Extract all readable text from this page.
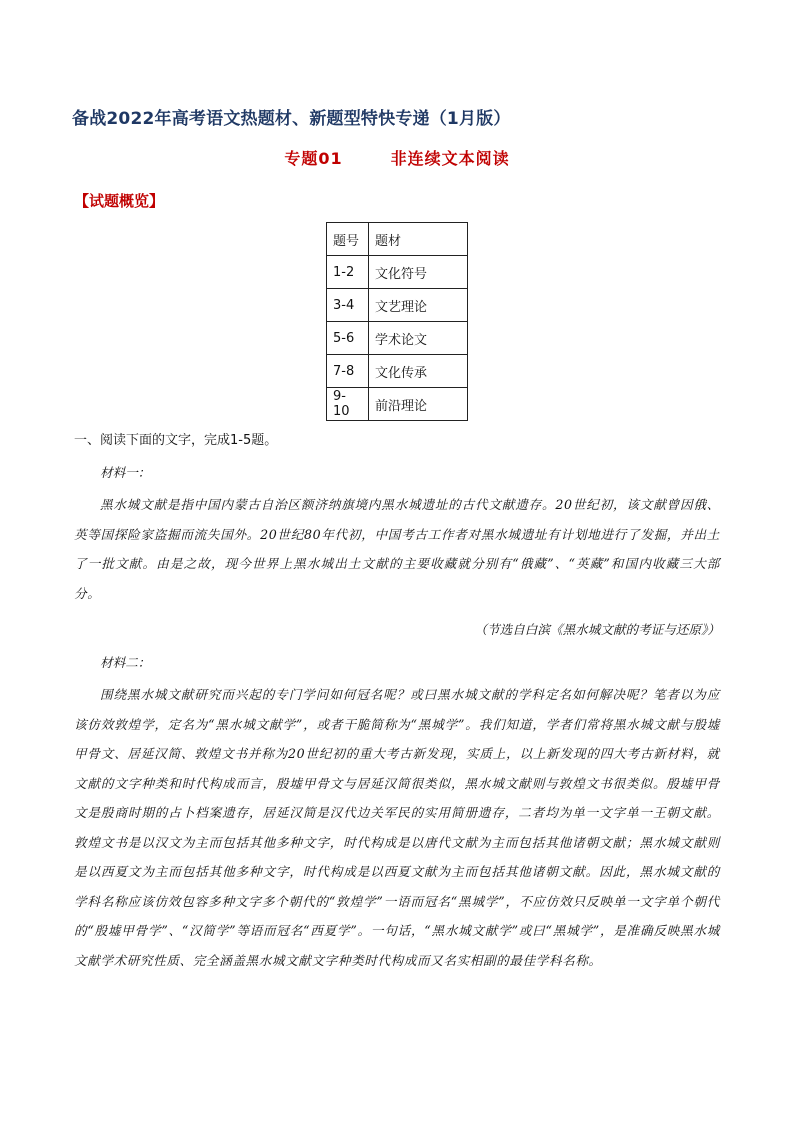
备战2022年高考语文热题材、新题型特快专递（1月版）
专题01	非连续文本阅读
【试题概览】
题号	题材
1-2	文化符号
3-4	文艺理论
5-6	学术论文
7-8	文化传承
9-10	前沿理论
一、阅读下面的文字，完成1-5题。
材料一：

黑水城文献是指中国内蒙古自治区额济纳旗境内黑水城遗址的古代文献遗存。20世纪初，该文献曾因俄、英等国探险家盗掘而流失国外。20世纪80年代初，中国考古工作者对黑水城遗址有计划地进行了发掘，并出土了一批文献。由是之故，现今世界上黑水城出土文献的主要收藏就分别有“俄藏”、“英藏”和国内收藏三大部分。

（节选自白滨《黑水城文献的考证与还原》）
材料二：

围绕黑水城文献研究而兴起的专门学问如何冠名呢？或曰黑水城文献的学科定名如何解决呢？笔者以为应该仿效敦煌学，定名为“黑水城文献学”，或者干脆简称为“黑城学”。我们知道，学者们常将黑水城文献与殷墟甲骨文、居延汉简、敦煌文书并称为20世纪初的重大考古新发现，实质上，以上新发现的四大考古新材料，就文献的文字种类和时代构成而言，殷墟甲骨文与居延汉简很类似，黑水城文献则与敦煌文书很类似。殷墟甲骨文是殷商时期的占卜档案遗存，居延汉简是汉代边关军民的实用简册遗存，二者均为单一文字单一王朝文献。敦煌文书是以汉文为主而包括其他多种文字，时代构成是以唐代文献为主而包括其他诸朝文献；黑水城文献则是以西夏文为主而包括其他多种文字，时代构成是以西夏文献为主而包括其他诸朝文献。因此，黑水城文献的学科名称应该仿效包容多种文字多个朝代的“敦煌学”一语而冠名“黑城学”，不应仿效只反映单一文字单个朝代的“殷墟甲骨学”、“汉简学”等语而冠名“西夏学”。一句话，“黑水城文献学”或曰“黑城学”，是准确反映黑水城文献学术研究性质、完全涵盖黑水城文献文字种类时代构成而又名实相副的最佳学科名称。
